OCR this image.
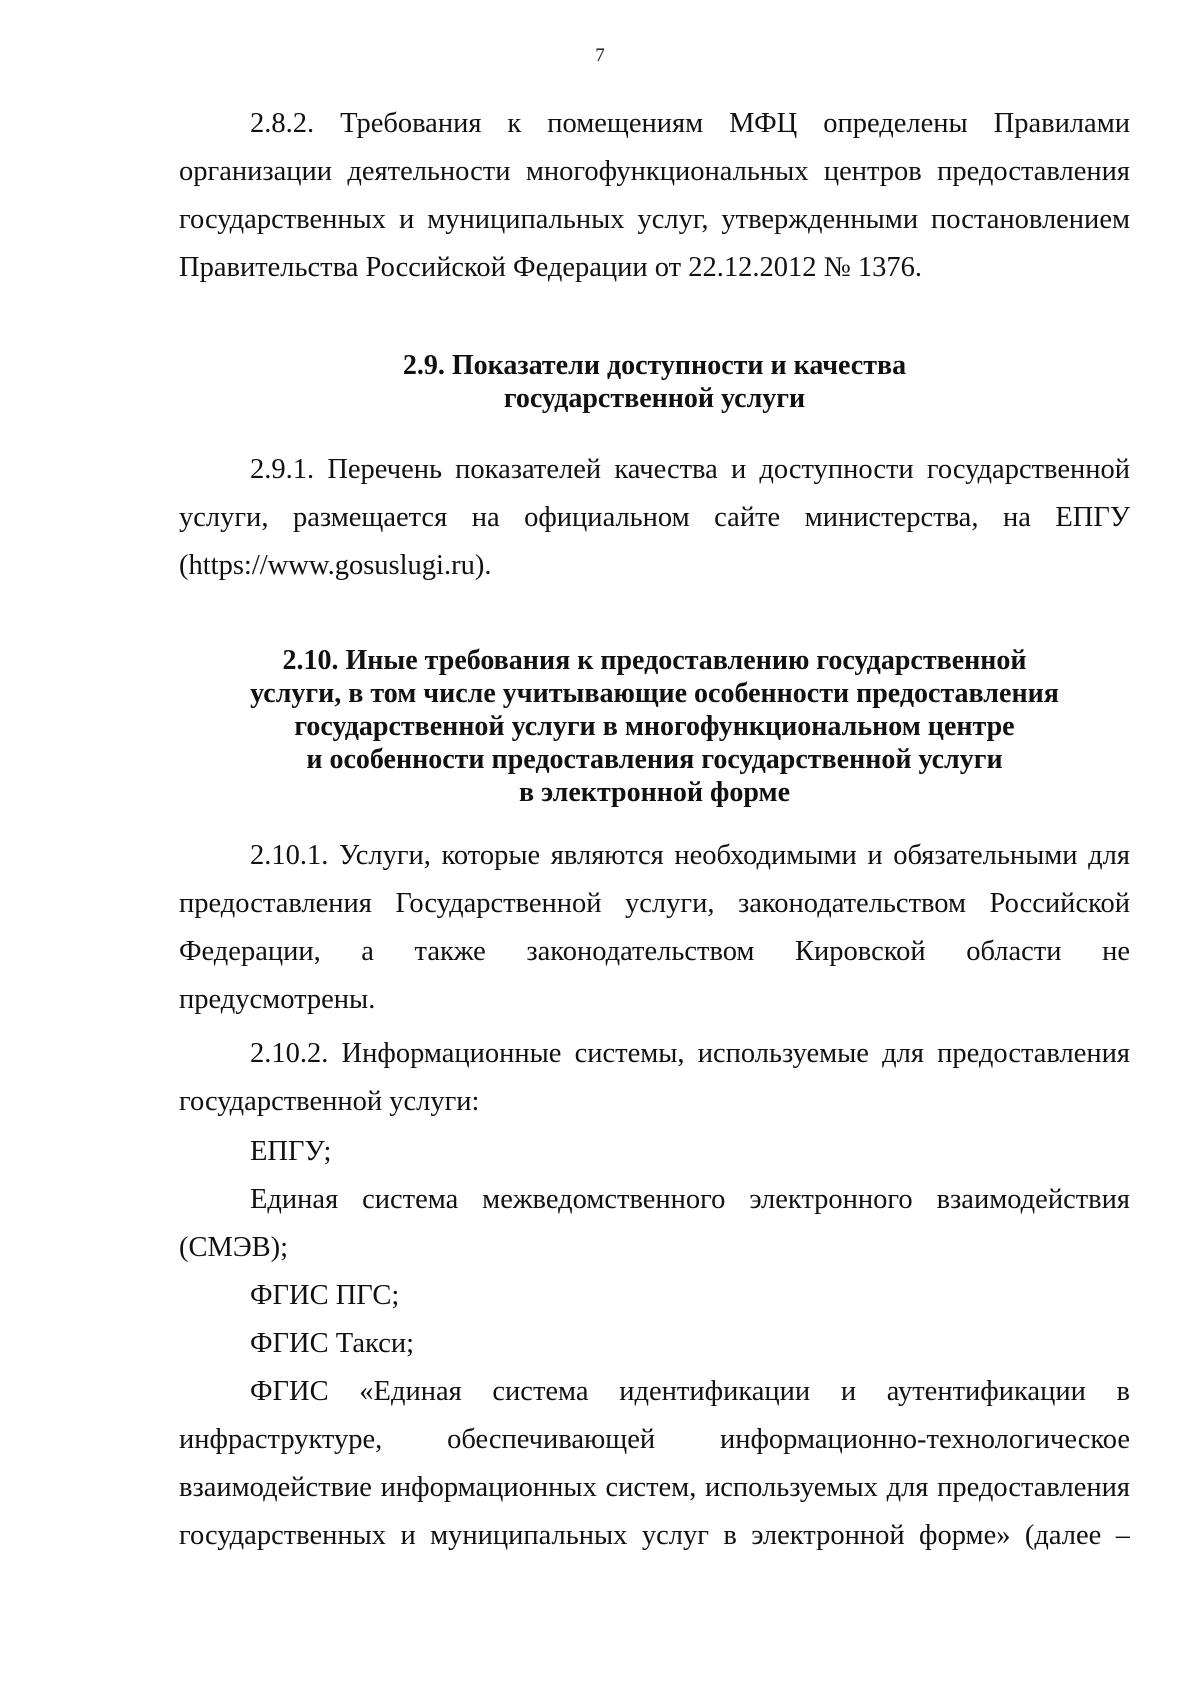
7
2.8.2. Требования к помещениям МФЦ определены Правилами
организации деятельности многофункциональных центров предоставления
государственных и муниципальных услуг, утвержденными постановлением
Правительства Российской Федерации от 22.12.2012 № 1376.
2.9. Показатели доступности и качества
государственной услуги
2.9.1. Перечень показателей качества и доступности государственной
услуги, размещается на официальном сайте министерства, на ЕПГУ
(https://www.gosuslugi.ru).
2.10. Иные требования к предоставлению государственной
услуги, в том числе учитывающие особенности предоставления
государственной услуги в многофункциональном центре
и особенности предоставления государственной услуги
в электронной форме
2.10.1. Услуги, которые являются необходимыми и обязательными для
предоставления Государственной услуги, законодательством Российской
Федерации, а также законодательством Кировской области не
предусмотрены.
2.10.2. Информационные системы, используемые для предоставления
государственной услуги:
ЕПГУ;
Единая система межведомственного электронного взаимодействия
(СМЭВ);
ФГИС ПГС;
ФГИС Такси;
ФГИС «Единая система идентификации и аутентификации в
инфраструктуре, обеспечивающей информационно-технологическое
взаимодействие информационных систем, используемых для предоставления
государственных и муниципальных услуг в электронной форме» (далее –
